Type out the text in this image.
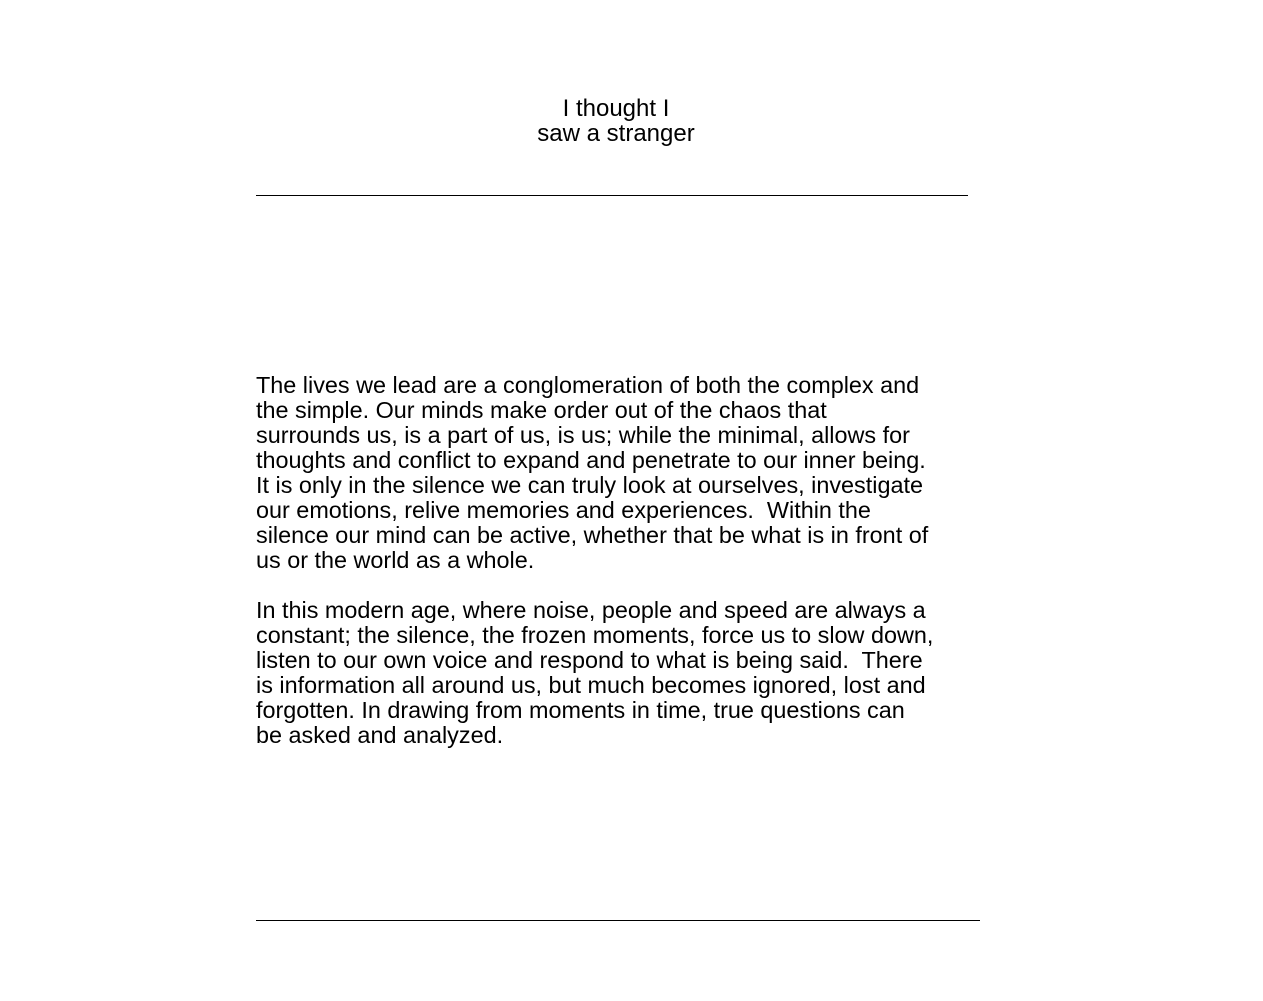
I thought I
saw a stranger
The lives we lead are a conglomeration of both the complex and
the simple. Our minds make order out of the chaos that
surrounds us, is a part of us, is us; while the minimal, allows for
thoughts and conflict to expand and penetrate to our inner being.
It is only in the silence we can truly look at ourselves, investigate
our emotions, relive memories and experiences.  Within the
silence our mind can be active, whether that be what is in front of
us or the world as a whole.
In this modern age, where noise, people and speed are always a
constant; the silence, the frozen moments, force us to slow down,
listen to our own voice and respond to what is being said.  There
is information all around us, but much becomes ignored, lost and
forgotten. In drawing from moments in time, true questions can
be asked and analyzed.
